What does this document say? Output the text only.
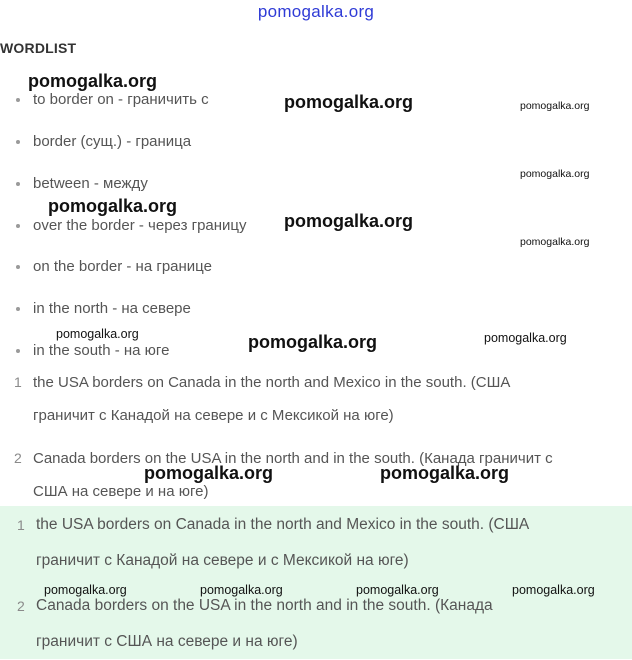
pomogalka.org
WORDLIST
to border on - граничить с
border (сущ.) - граница
between - между
over the border - через границу
on the border - на границе
in the north - на севере
in the south - на юге
1 the USA borders on Canada in the north and Mexico in the south. (США
граничит с Канадой на севере и с Мексикой на юге)
2 Canada borders on the USA in the north and in the south. (Канада граничит с
США на севере и на юге)
1 the USA borders on Canada in the north and Mexico in the south. (США
граничит с Канадой на севере и с Мексикой на юге)
2 Canada borders on the USA in the north and in the south. (Канада
граничит с США на севере и на юге)
pomogalka.org
pomogalka.org	pomogalka.org
pomogalka.org
pomogalka.org
pomogalka.org
pomogalka.org
pomogalka.org	pomogalka.org	pomogalka.org
pomogalka.org	pomogalka.org
pomogalka.org	pomogalka.org	pomogalka.org	pomogalka.org
